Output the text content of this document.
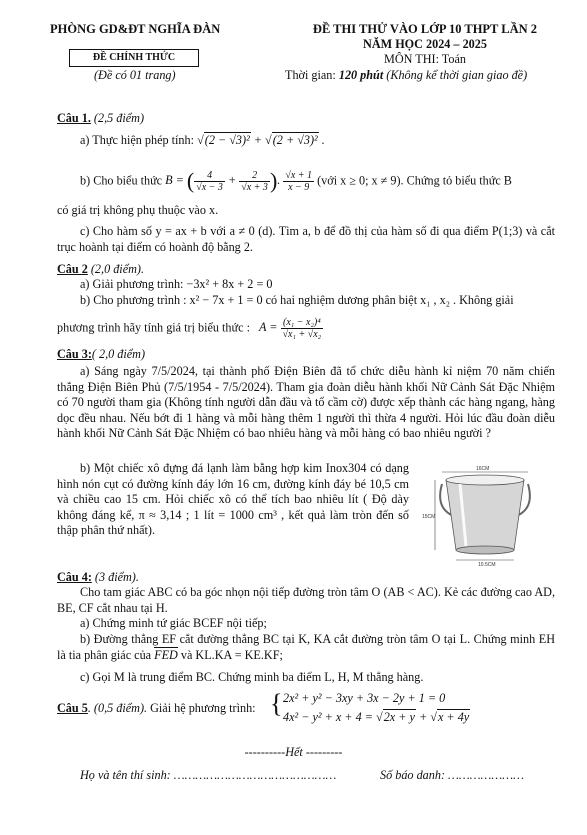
PHÒNG GD&ĐT NGHĨA ĐÀN
ĐỀ CHÍNH THỨC
(Đề có 01 trang)
ĐỀ THI THỬ VÀO LỚP 10 THPT LẦN 2
NĂM HỌC 2024 – 2025
MÔN THI: Toán
Thời gian: 120 phút (Không kể thời gian giao đề)
Câu 1. (2,5 điểm)
a) Thực hiện phép tính: √(2 − √3)² + √(2 + √3)² .
b) Cho biểu thức B = ( $\frac{4}{√x - 3} + \frac{2}{√x + 3}$ ). $\frac{√x + 1}{x - 9}$ (với x ≥ 0; x ≠ 9). Chứng tỏ biểu thức B
có giá trị không phụ thuộc vào x.
c) Cho hàm số y = ax + b với a ≠ 0 (d). Tìm a, b để đồ thị của hàm số đi qua điểm P(1;3) và cắt trục hoành tại điểm có hoành độ bằng 2.
Câu 2 (2,0 điểm).
a) Giải phương trình: −3x² + 8x + 2 = 0
b) Cho phương trình : x² − 7x + 1 = 0 có hai nghiệm dương phân biệt x₁ , x₂ . Không giải
phương trình hãy tính giá trị biểu thức : $A = \frac{\text{(x₁ − x₂)⁴}}{\text{√x₁ + √x₂}}$
Câu 3:( 2,0 điểm)
a) Sáng ngày 7/5/2024, tại thành phố Điện Biên đã tổ chức diễu hành kỉ niệm 70 năm chiến thắng Điện Biên Phủ (7/5/1954 - 7/5/2024). Tham gia đoàn diễu hành khối Nữ Cảnh Sát Đặc Nhiệm có 70 người tham gia (Không tính người dẫn đầu và tổ cầm cờ) được xếp thành các hàng ngang, hàng dọc đều nhau. Nếu bớt đi 1 hàng và mỗi hàng thêm 1 người thì thừa 4 người. Hỏi lúc đầu đoàn diễu hành khối Nữ Cảnh Sát Đặc Nhiệm có bao nhiêu hàng và mỗi hàng có bao nhiêu người ?
b) Một chiếc xô đựng đá lạnh làm bằng hợp kim Inox304 có dạng hình nón cụt có đường kính đáy lớn 16 cm, đường kính đáy bé 10,5 cm và chiều cao 15 cm. Hỏi chiếc xô có thể tích bao nhiêu lít ( Độ dày không đáng kể, π ≈ 3,14 ; 1 lít = 1000 cm³ , kết quả làm tròn đến số thập phân thứ nhất).
16CM
15CM
10.5CM
Câu 4: (3 điểm).
Cho tam giác ABC có ba góc nhọn nội tiếp đường tròn tâm O (AB < AC). Kẻ các đường cao AD, BE, CF cắt nhau tại H.
a) Chứng minh tứ giác BCEF nội tiếp;
b) Đường thẳng EF cắt đường thẳng BC tại K, KA cắt đường tròn tâm O tại L. Chứng minh EH là tia phân giác của FED và KL.KA = KE.KF;
c) Gọi M là trung điểm BC. Chứng minh ba điểm L, H, M thẳng hàng.
Câu 5. (0,5 điểm). Giải hệ phương trình: { 2x² + y² − 3xy + 3x − 2y + 1 = 0
4x² − y² + x + 4 = √2x + y + √x + 4y
----------Hết ---------
Họ và tên thí sinh: ………………………………………	Số báo danh: …………………
